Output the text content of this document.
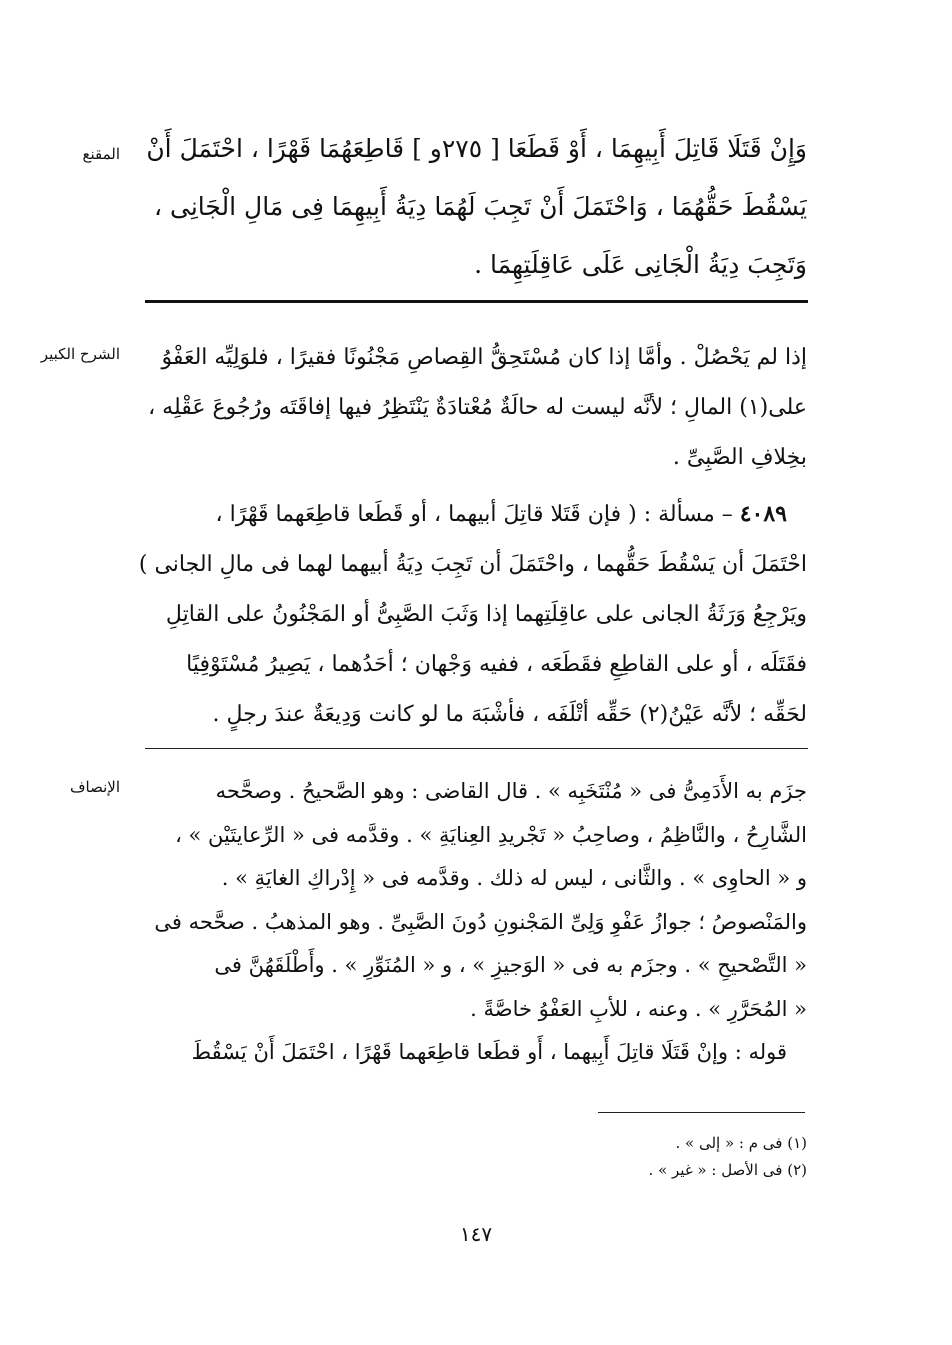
المقنع	وَإِنْ قَتَلَا قَاتِلَ أَبِيهِمَا ، أَوْ قَطَعَا [ ٢٧٥و ] قَاطِعَهُمَا قَهْرًا ، احْتَمَلَ أَنْ
يَسْقُطَ حَقُّهُمَا ، وَاحْتَمَلَ أَنْ تَجِبَ لَهُمَا دِيَةُ أَبِيهِمَا فِى مَالِ الْجَانِى ،
وَتَجِبَ دِيَةُ الْجَانِى عَلَى عَاقِلَتِهِمَا .
الشرح الكبير	إذا لم يَحْصُلْ . وأمَّا إذا كان مُسْتَحِقُّ القِصاصِ مَجْنُونًا فقيرًا ، فلوَلِيِّه العَفْوُ
على(١) المالِ ؛ لأنَّه ليست له حالَةٌ مُعْتادَةٌ يَنْتَظِرُ فيها إفاقَتَه ورُجُوعَ عَقْلِه ،
بخِلافِ الصَّبِىِّ .
٤٠٨٩ – مسألة : ( فإن قَتَلا قاتِلَ أبيهما ، أو قَطَعا قاطِعَهما قَهْرًا ،
احْتَمَلَ أن يَسْقُطَ حَقُّهما ، واحْتَمَلَ أن تَجِبَ دِيَةُ أبيهما لهما فى مالِ الجانى )
ويَرْجِعُ وَرَثَةُ الجانى على عاقِلَتِهما إذا وَثَبَ الصَّبِىُّ أو المَجْنُونُ على القاتِلِ
فقَتَلَه ، أو على القاطِعِ فقَطَعَه ، ففيه وَجْهان ؛ أحَدُهما ، يَصِيرُ مُسْتَوْفِيًا
لحَقِّه ؛ لأنَّه عَيْنُ(٢) حَقِّه أتْلَفَه ، فأشْبَهَ ما لو كانت وَدِيعَةٌ عندَ رجلٍ .
الإنصاف	جزَم به الأَدَمِىُّ فى « مُنْتَخَبِه » . قال القاضى : وهو الصَّحيحُ . وصحَّحه
الشَّارِحُ ، والنَّاظِمُ ، وصاحِبُ « تَجْريدِ العِنايَةِ » . وقدَّمه فى « الرِّعايتَيْن » ،
و « الحاوِى » . والثَّانى ، ليس له ذلك . وقدَّمه فى « إِدْراكِ الغايَةِ » .
والمَنْصوصُ ؛ جوازُ عَفْوِ وَلِىِّ المَجْنونِ دُونَ الصَّبِىِّ . وهو المذهبُ . صحَّحه فى
« التَّصْحيحِ » . وجزَم به فى « الوَجيزِ » ، و « المُنَوِّرِ » . وأَطْلَقَهُنَّ فى
« المُحَرَّرِ » . وعنه ، للأبِ العَفْوُ خاصَّةً .
قوله : وإنْ قَتَلَا قاتِلَ أَبِيهما ، أَو قطَعا قاطِعَهما قَهْرًا ، احْتَمَلَ أَنْ يَسْقُطَ
(١) فى م : « إلى » .
(٢) فى الأصل : « غير » .
١٤٧
